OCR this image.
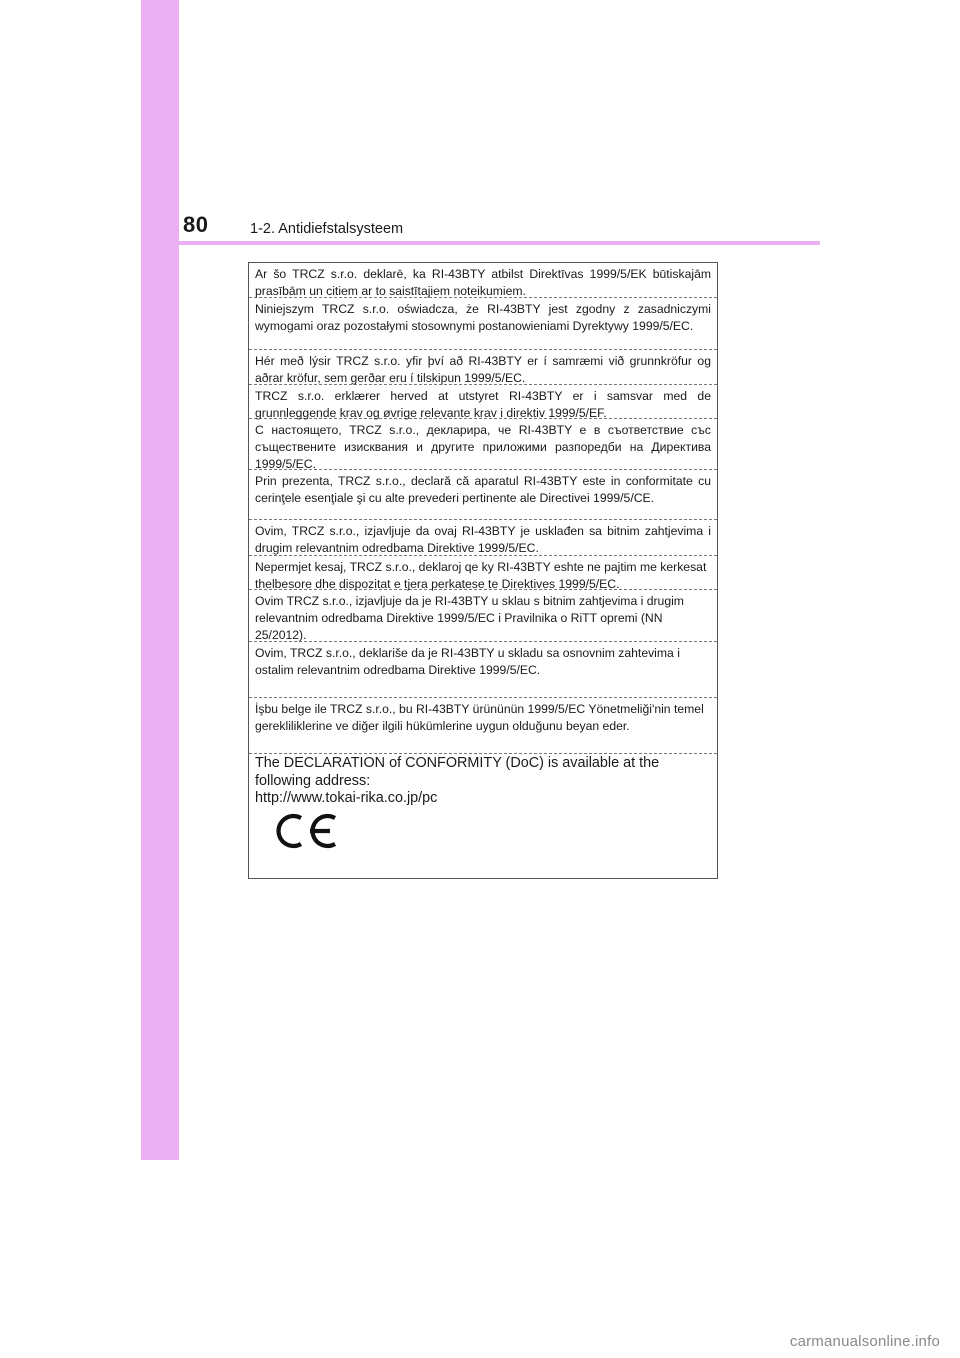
80	1-2. Antidiefstalsysteem
Ar šo TRCZ s.r.o. deklarē, ka RI-43BTY atbilst Direktīvas 1999/5/EK būtiskajām prasībām un citiem ar to saistītajiem noteikumiem.
Niniejszym TRCZ s.r.o. oświadcza, że RI-43BTY jest zgodny z zasadniczymi wymogami oraz pozostałymi stosownymi postanowieniami Dyrektywy 1999/5/EC.
Hér með lýsir TRCZ s.r.o. yfir því að RI-43BTY er í samræmi við grunnkröfur og aðrar kröfur, sem gerðar eru í tilskipun 1999/5/EC.
TRCZ s.r.o. erklærer herved at utstyret RI-43BTY er i samsvar med de grunnleggende krav og øvrige relevante krav i direktiv 1999/5/EF.
С настоящето, TRCZ s.r.o., декларира, че RI-43BTY е в съответствие със съществените изисквания и другите приложими разпоредби на Директива 1999/5/ЕС.
Prin prezenta, TRCZ s.r.o., declară că aparatul RI-43BTY este in conformitate cu cerinţele esenţiale şi cu alte prevederi pertinente ale Directivei 1999/5/CE.
Ovim, TRCZ s.r.o., izjavljuje da ovaj RI-43BTY je usklađen sa bitnim zahtjevima i drugim relevantnim odredbama Direktive 1999/5/EC.
Nepermjet kesaj, TRCZ s.r.o., deklaroj qe ky RI-43BTY eshte ne pajtim me kerkesat thelbesore dhe dispozitat e tjera perkatese te Direktives 1999/5/EC.
Ovim TRCZ s.r.o., izjavljuje da je RI-43BTY u sklau s bitnim zahtjevima i drugim relevantnim odredbama Direktive 1999/5/EC i Pravilnika o RiTT opremi (NN 25/2012).
Ovim, TRCZ s.r.o., deklariše da je RI-43BTY u skladu sa osnovnim zahtevima i ostalim relevantnim odredbama Direktive 1999/5/EC.
İşbu belge ile TRCZ s.r.o., bu RI-43BTY ürününün 1999/5/EC Yönetmeliği'nin temel gerekliliklerine ve diğer ilgili hükümlerine uygun olduğunu beyan eder.
The DECLARATION of CONFORMITY (DoC) is available at the
following address:
http://www.tokai-rika.co.jp/pc
carmanualsonline.info
